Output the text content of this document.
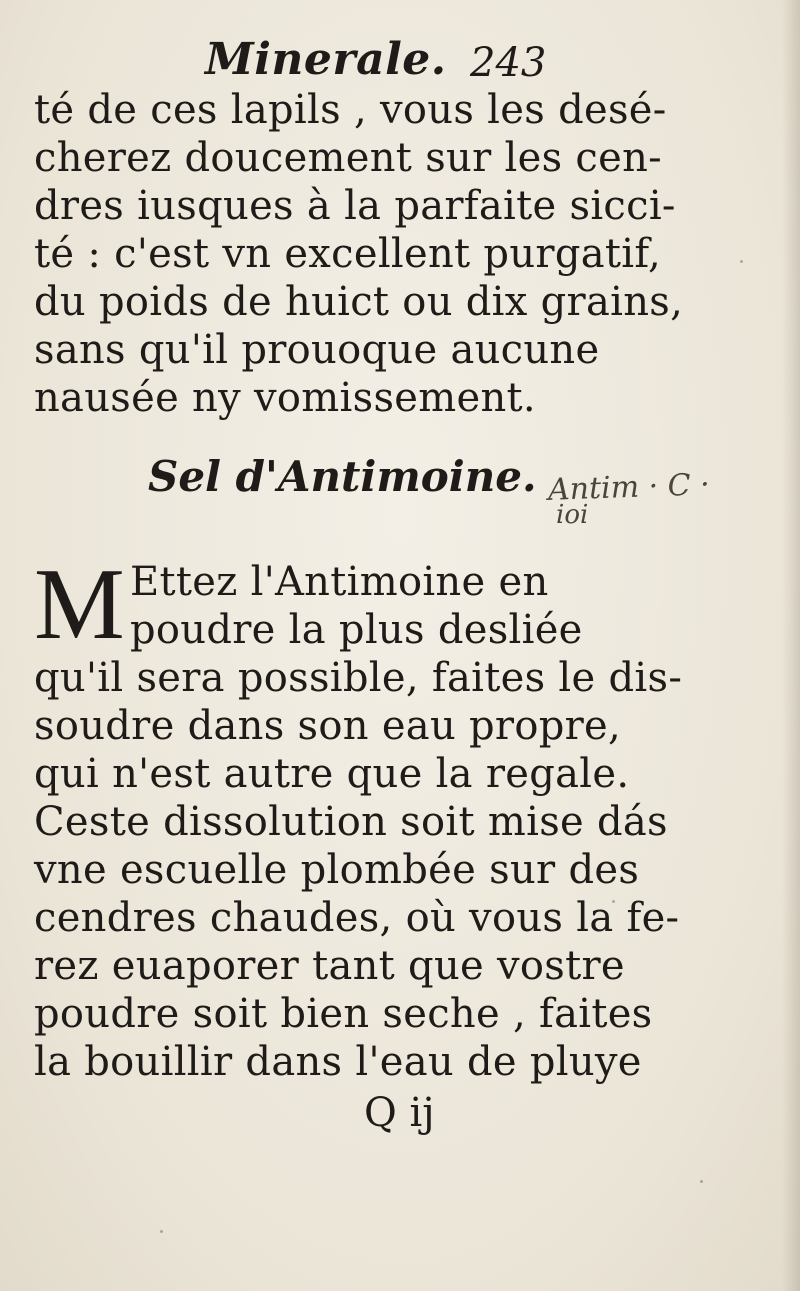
Minerale. 243
té de ces lapils , vous les desé-
cherez doucement sur les cen-
dres iusques à la parfaite sicci-
té : c'est vn excellent purgatif,
du poids de huict ou dix grains,
sans qu'il prouoque aucune
nausée ny vomissement.
Sel d'Antimoine. Antim · C ·
ioi
M Ettez l'Antimoine en
poudre la plus desliée
qu'il sera possible, faites le dis-
soudre dans son eau propre,
qui n'est autre que la regale.
Ceste dissolution soit mise dás
vne escuelle plombée sur des
cendres chaudes, où vous la fe-
rez euaporer tant que vostre
poudre soit bien seche , faites
la bouillir dans l'eau de pluye
Q ij
